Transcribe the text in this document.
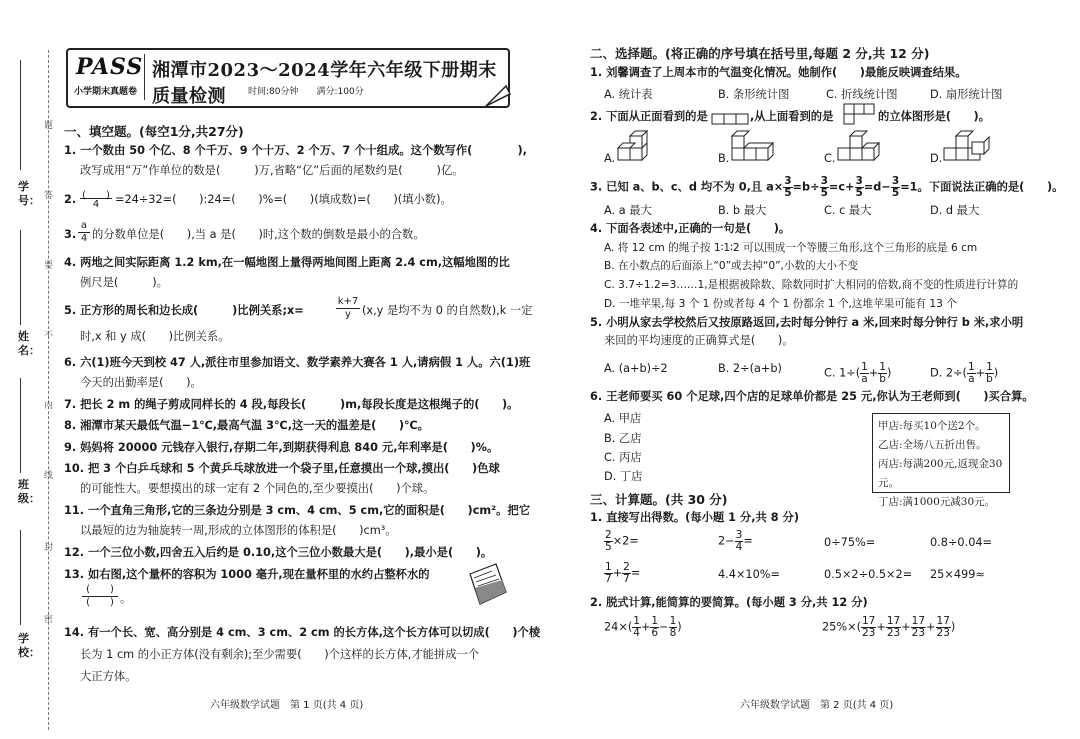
学号：
姓名：
班级：
学校：
题
答
要
不
内
线
封
密
PASS
小学期末真题卷
湘潭市2023～2024学年六年级下册期末质量检测	时间:80分钟　　 满分:100分
一、填空题。(每空1分,共27分)
1. 一个数由 50 个亿、8 个千万、9 个十万、2 个万、7 个十组成。这个数写作(　　　　),
改写成用“万”作单位的数是(　　　)万,省略“亿”后面的尾数约是(　　　)亿。
2. (　　)
4	=24÷32=(　　):24=(　　)%=(　　)(填成数)=(　　)(填小数)。
3. $\frac{a}{4}$ 的分数单位是(　　),当 a 是(　　)时,这个数的倒数是最小的合数。
4. 两地之间实际距离 1.2 km,在一幅地图上量得两地间图上距离 2.4 cm,这幅地图的比
例尺是(　　　)。
5. 正方形的周长和边长成(　　　)比例关系;x=	$\frac{k+7}{y} (x,y$ 是均不为 0 的自然数),k 一定
时,x 和 y 成(　　)比例关系。
6. 六(1)班今天到校 47 人,派往市里参加语文、数学素养大赛各 1 人,请病假 1 人。六(1)班
今天的出勤率是(　　)。
7. 把长 2 m 的绳子剪成同样长的 4 段,每段长(　　　)m,每段长度是这根绳子的(　　)。
8. 湘潭市某天最低气温−1℃,最高气温 3℃,这一天的温差是(　　)℃。
9. 妈妈将 20000 元钱存入银行,存期二年,到期获得利息 840 元,年利率是(　　)%。
10. 把 3 个白乒乓球和 5 个黄乒乓球放进一个袋子里,任意摸出一个球,摸出(　　)色球
的可能性大。要想摸出的球一定有 2 个同色的,至少要摸出(　　)个球。
11. 一个直角三角形,它的三条边分别是 3 cm、4 cm、5 cm,它的面积是(　　)cm²。把它
以最短的边为轴旋转一周,形成的立体图形的体积是(　　)cm³。
12. 一个三位小数,四舍五入后约是 0.10,这个三位小数最大是(　　),最小是(　　)。
13. 如右图,这个量杯的容积为 1000 毫升,现在量杯里的水约占整杯水的
(　　)
(　　) 。
14. 有一个长、宽、高分别是 4 cm、3 cm、2 cm 的长方体,这个长方体可以切成(　　)个棱
长为 1 cm 的小正方体(没有剩余);至少需要(　　)个这样的长方体,才能拼成一个
大正方体。
六年级数学试题　第 1 页(共 4 页)
二、选择题。(将正确的序号填在括号里,每题 2 分,共 12 分)
1. 刘馨调查了上周本市的气温变化情况。她制作(　　)最能反映调查结果。
A. 统计表	B. 条形统计图	C. 折线统计图	D. 扇形统计图
2. 下面从正面看到的是	,从上面看到的是	的立体图形是(　　)。
A.	B.	C.	D.
3. 已知 a、b、c、d 均不为 0,且 $a\times \frac{3}{5} =b\div \frac{3}{5} =c+ \frac{3}{5} =d- \frac{3}{5} =1$。下面说法正确的是(　　)。
A. a 最大	B. b 最大	C. c 最大	D. d 最大
4. 下面各表述中,正确的一句是(　　)。
A. 将 12 cm 的绳子按 1∶1∶2 可以围成一个等腰三角形,这个三角形的底是 6 cm
B. 在小数点的后面添上“0”或去掉“0”,小数的大小不变
C. 3.7÷1.2=3……1,是根据被除数、除数同时扩大相同的倍数,商不变的性质进行计算的
D. 一堆苹果,每 3 个 1 份或者每 4 个 1 份都余 1 个,这堆苹果可能有 13 个
5. 小明从家去学校然后又按原路返回,去时每分钟行 a 米,回来时每分钟行 b 米,求小明
来回的平均速度的正确算式是(　　)。
A. (a+b)÷2	B. 2÷(a+b)	C. $1\div( \frac{1}{a} + \frac{1}{b}$ )	D. $2\div( \frac{1}{a} + \frac{1}{b}$ )
6. 王老师要买 60 个足球,四个店的足球单价都是 25 元,你认为王老师到(　　)买合算。
A. 甲店
B. 乙店
C. 丙店
D. 丁店
甲店:每买10个送2个。
乙店:全场八五折出售。
丙店:每满200元,返现金30元。
丁店:满1000元减30元。
三、计算题。(共 30 分)
1. 直接写出得数。(每小题 1 分,共 8 分)
$\frac{2}{5} \times 2=$	$2- \frac{3}{4}$ =	0÷75%=	0.8÷0.04=
$\frac{1}{7} + \frac{2}{7}$ =	4.4×10%=	0.5×2÷0.5×2= 25×499≈
2. 脱式计算,能简算的要简算。(每小题 3 分,共 12 分)
$24\times( \frac{1}{4} + \frac{1}{6} - \frac{1}{8}$ )	$25\%\times( \frac{17}{23} + \frac{17}{23} + \frac{17}{23} + \frac{17}{23}$ )
六年级数学试题　第 2 页(共 4 页)
